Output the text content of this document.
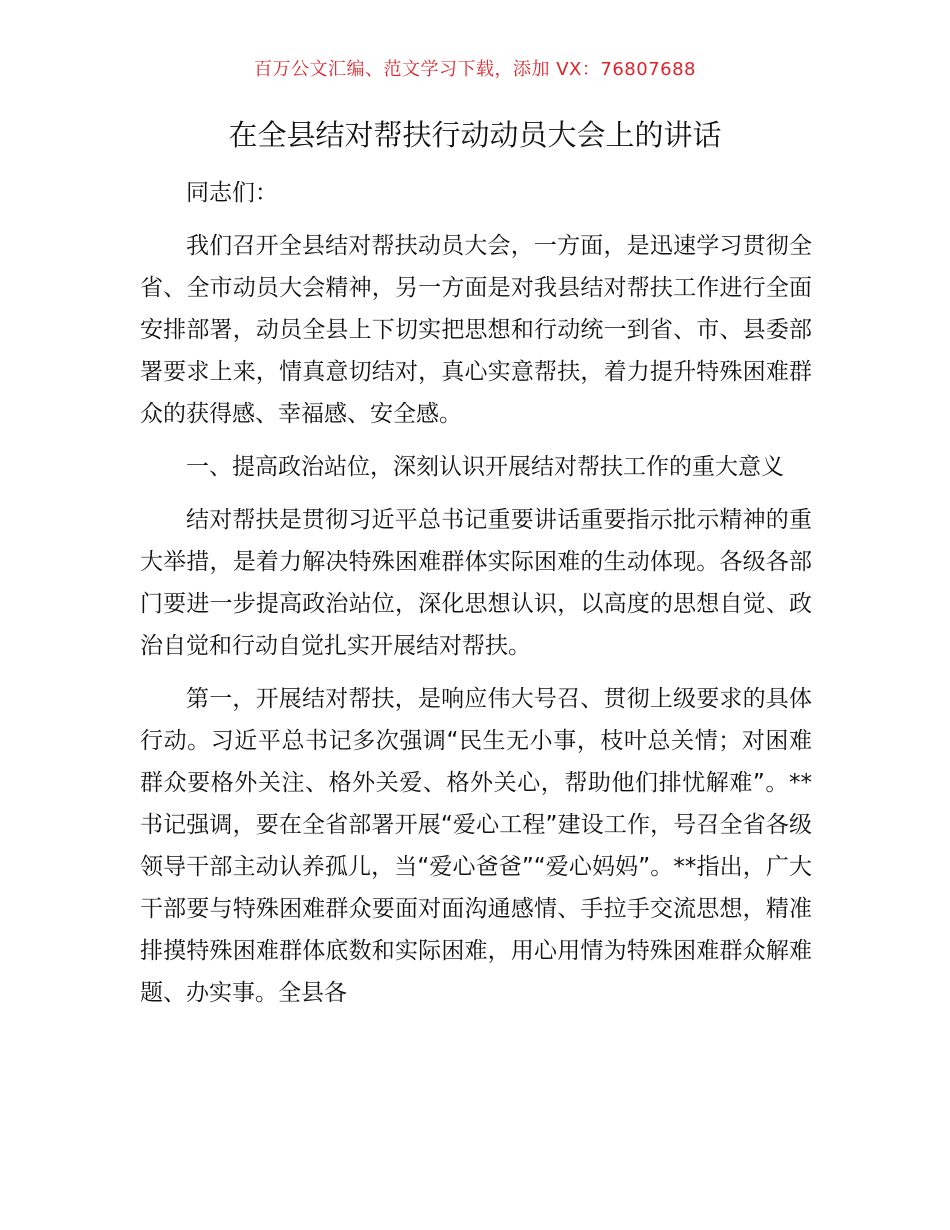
百万公文汇编、范文学习下载，添加 VX：76807688
在全县结对帮扶行动动员大会上的讲话

同志们：

我们召开全县结对帮扶动员大会，一方面，是迅速学习贯彻全省、全市动员大会精神，另一方面是对我县结对帮扶工作进行全面安排部署，动员全县上下切实把思想和行动统一到省、市、县委部署要求上来，情真意切结对，真心实意帮扶，着力提升特殊困难群众的获得感、幸福感、安全感。

一、提高政治站位，深刻认识开展结对帮扶工作的重大意义

结对帮扶是贯彻习近平总书记重要讲话重要指示批示精神的重大举措，是着力解决特殊困难群体实际困难的生动体现。各级各部门要进一步提高政治站位，深化思想认识，以高度的思想自觉、政治自觉和行动自觉扎实开展结对帮扶。

第一，开展结对帮扶，是响应伟大号召、贯彻上级要求的具体行动。习近平总书记多次强调“民生无小事，枝叶总关情；对困难群众要格外关注、格外关爱、格外关心，帮助他们排忧解难”。**书记强调，要在全省部署开展“爱心工程”建设工作，号召全省各级领导干部主动认养孤儿，当“爱心爸爸”“爱心妈妈”。**指出，广大干部要与特殊困难群众要面对面沟通感情、手拉手交流思想，精准排摸特殊困难群体底数和实际困难，用心用情为特殊困难群众解难题、办实事。全县各
